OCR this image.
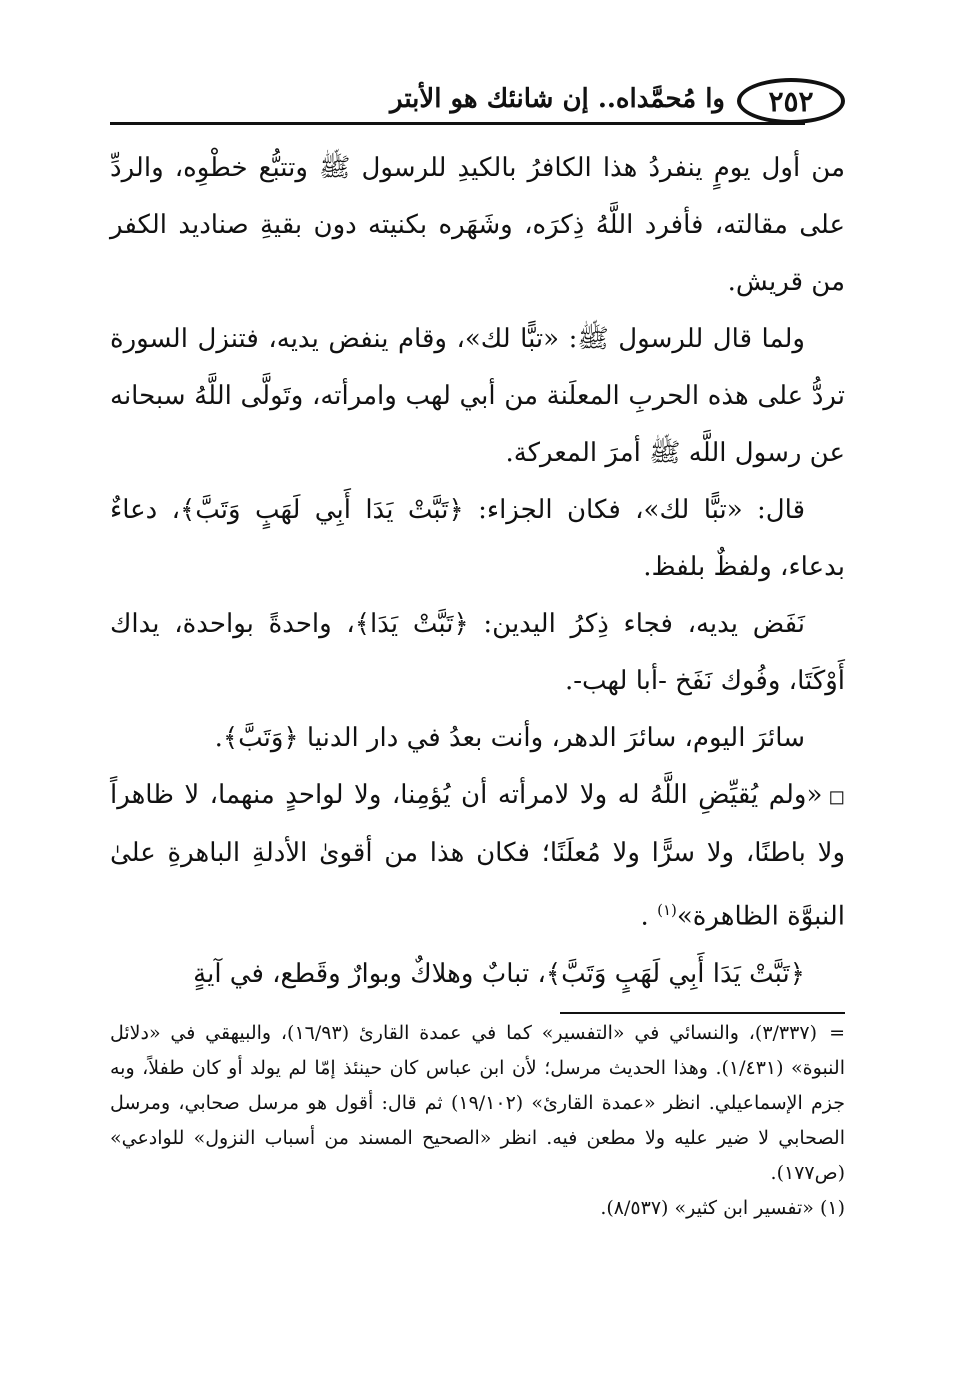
٢٥٢
وا مُحمَّداه.. إن شانئك هو الأبتر

من أول يومٍ ينفردُ هذا الكافرُ بالكيدِ للرسول ﷺ وتتبُّع خطْوِه، والردِّ على مقالته، فأفرد اللَّهُ ذِكرَه، وشَهَره بكنيته دون بقيةِ صناديد الكفر من قريش.

ولما قال للرسول ﷺ: «تبًّا لك»، وقام ينفض يديه، فتنزل السورة تردُّ على هذه الحربِ المعلَنة من أبي لهب وامرأته، وتَولَّى اللَّهُ سبحانه عن رسول اللَّه ﷺ أمرَ المعركة.

قال: «تبًّا لك»، فكان الجزاء: ﴿تَبَّتْ يَدَا أَبِي لَهَبٍ وَتَبَّ﴾، دعاءٌ بدعاء، ولفظٌ بلفظ.

نَفَض يديه، فجاء ذِكرُ اليدين: ﴿تَبَّتْ يَدَا﴾، واحدةً بواحدة، يداك أَوْكَتَا، وفُوك نَفَخ -أبا لهب-.

سائرَ اليوم، سائرَ الدهر، وأنت بعدُ في دار الدنيا ﴿وَتَبَّ﴾.

◻«ولم يُقيِّضِ اللَّهُ له ولا لامرأته أن يُؤمِنا، ولا لواحدٍ منهما، لا ظاهراً ولا باطنًا، ولا سرًّا ولا مُعلَنًا؛ فكان هذا من أقوىٰ الأدلةِ الباهرةِ علىٰ النبوَّة الظاهرة»$^{(١)}$ .

﴿تَبَّتْ يَدَا أَبِي لَهَبٍ وَتَبَّ﴾، تبابٌ وهلاكٌ وبوارٌ وقَطع، في آيةٍ

=(٣/٣٣٧)، والنسائي في «التفسير» كما في عمدة القارئ (١٦/٩٣)، والبيهقي في «دلائل النبوة» (١/٤٣١). وهذا الحديث مرسل؛ لأن ابن عباس كان حينئذ إمّا لم يولد أو كان طفلاً، وبه جزم الإسماعيلي. انظر «عمدة القارئ» (١٩/١٠٢) ثم قال: أقول هو مرسل صحابي، ومرسل الصحابي لا ضير عليه ولا مطعن فيه. انظر «الصحيح المسند من أسباب النزول» للوادعي» (ص١٧٧).

(١) «تفسير ابن كثير» (٨/٥٣٧).
